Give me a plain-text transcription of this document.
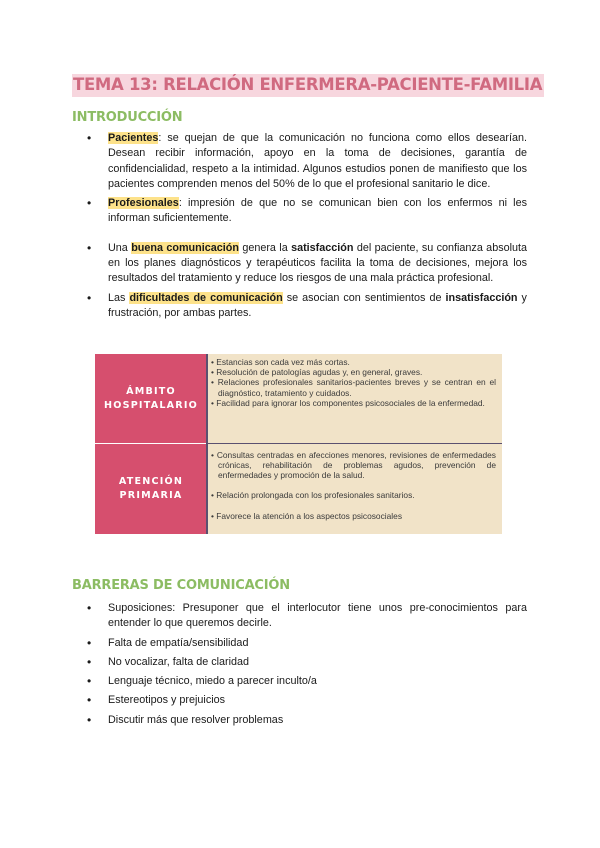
TEMA 13: RELACIÓN ENFERMERA-PACIENTE-FAMILIA
INTRODUCCIÓN
• Pacientes: se quejan de que la comunicación no funciona como ellos desearían. Desean recibir información, apoyo en la toma de decisiones, garantía de confidencialidad, respeto a la intimidad. Algunos estudios ponen de manifiesto que los pacientes comprenden menos del 50% de lo que el profesional sanitario le dice.
• Profesionales: impresión de que no se comunican bien con los enfermos ni les informan suficientemente.
• Una buena comunicación genera la satisfacción del paciente, su confianza absoluta en los planes diagnósticos y terapéuticos facilita la toma de decisiones, mejora los resultados del tratamiento y reduce los riesgos de una mala práctica profesional.
• Las dificultades de comunicación se asocian con sentimientos de insatisfacción y frustración, por ambas partes.
ÁMBITO
HOSPITALARIO
ATENCIÓN
PRIMARIA

• Estancias son cada vez más cortas.

• Resolución de patologías agudas y, en general, graves.

• Relaciones profesionales sanitarios-pacientes breves y se centran en el diagnóstico, tratamiento y cuidados.

• Facilidad para ignorar los componentes psicosociales de la enfermedad.

• Consultas centradas en afecciones menores, revisiones de enfermedades crónicas, rehabilitación de problemas agudos, prevención de enfermedades y promoción de la salud.

• Relación prolongada con los profesionales sanitarios.

• Favorece la atención a los aspectos psicosociales

BARRERAS DE COMUNICACIÓN
• Suposiciones: Presuponer que el interlocutor tiene unos pre-conocimientos para entender lo que queremos decirle.
• Falta de empatía/sensibilidad
• No vocalizar, falta de claridad
• Lenguaje técnico, miedo a parecer inculto/a
• Estereotipos y prejuicios
• Discutir más que resolver problemas
